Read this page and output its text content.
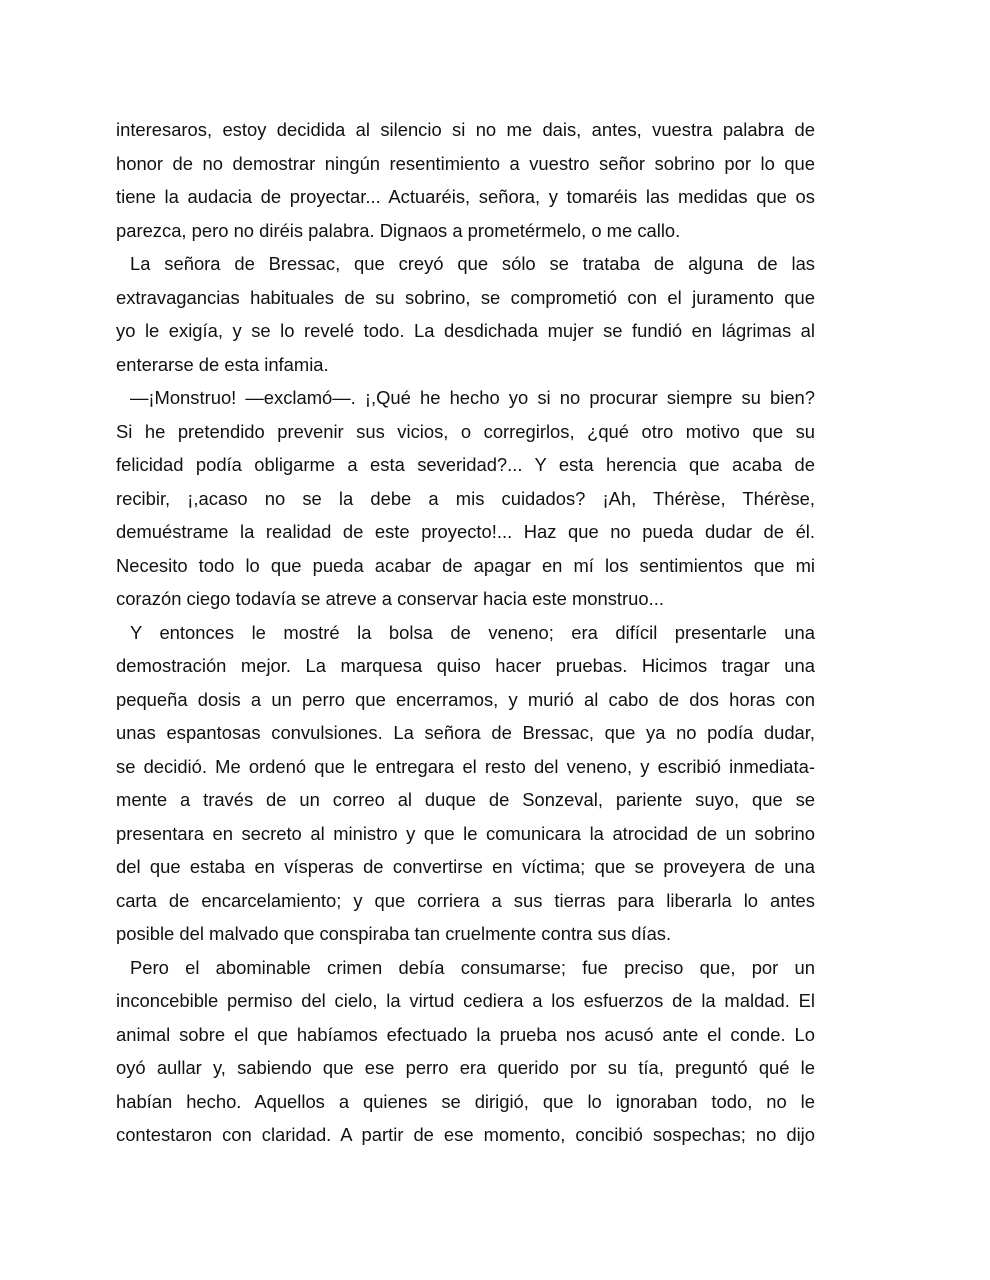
interesaros, estoy decidida al silencio si no me dais, antes, vuestra palabra de
honor de no demostrar ningún resentimiento a vuestro señor sobrino por lo que
tiene la audacia de proyectar... Actuaréis, señora, y tomaréis las medidas que os
parezca, pero no diréis palabra. Dignaos a prometérmelo, o me callo.
La señora de Bressac, que creyó que sólo se trataba de alguna de las
extravagancias habituales de su sobrino, se comprometió con el juramento que
yo le exigía, y se lo revelé todo. La desdichada mujer se fundió en lágrimas al
enterarse de esta infamia.
—¡Monstruo! —exclamó—. ¡,Qué he hecho yo si no procurar siempre su bien?
Si he pretendido prevenir sus vicios, o corregirlos, ¿qué otro motivo que su
felicidad podía obligarme a esta severidad?... Y esta herencia que acaba de
recibir, ¡,acaso no se la debe a mis cuidados? ¡Ah, Thérèse, Thérèse,
demuéstrame la realidad de este proyecto!... Haz que no pueda dudar de él.
Necesito todo lo que pueda acabar de apagar en mí los sentimientos que mi
corazón ciego todavía se atreve a conservar hacia este monstruo...
Y entonces le mostré la bolsa de veneno; era difícil presentarle una
demostración mejor. La marquesa quiso hacer pruebas. Hicimos tragar una
pequeña dosis a un perro que encerramos, y murió al cabo de dos horas con
unas espantosas convulsiones. La señora de Bressac, que ya no podía dudar,
se decidió. Me ordenó que le entregara el resto del veneno, y escribió inmediata-
mente a través de un correo al duque de Sonzeval, pariente suyo, que se
presentara en secreto al ministro y que le comunicara la atrocidad de un sobrino
del que estaba en vísperas de convertirse en víctima; que se proveyera de una
carta de encarcelamiento; y que corriera a sus tierras para liberarla lo antes
posible del malvado que conspiraba tan cruelmente contra sus días.
Pero el abominable crimen debía consumarse; fue preciso que, por un
inconcebible permiso del cielo, la virtud cediera a los esfuerzos de la maldad. El
animal sobre el que habíamos efectuado la prueba nos acusó ante el conde. Lo
oyó aullar y, sabiendo que ese perro era querido por su tía, preguntó qué le
habían hecho. Aquellos a quienes se dirigió, que lo ignoraban todo, no le
contestaron con claridad. A partir de ese momento, concibió sospechas; no dijo
